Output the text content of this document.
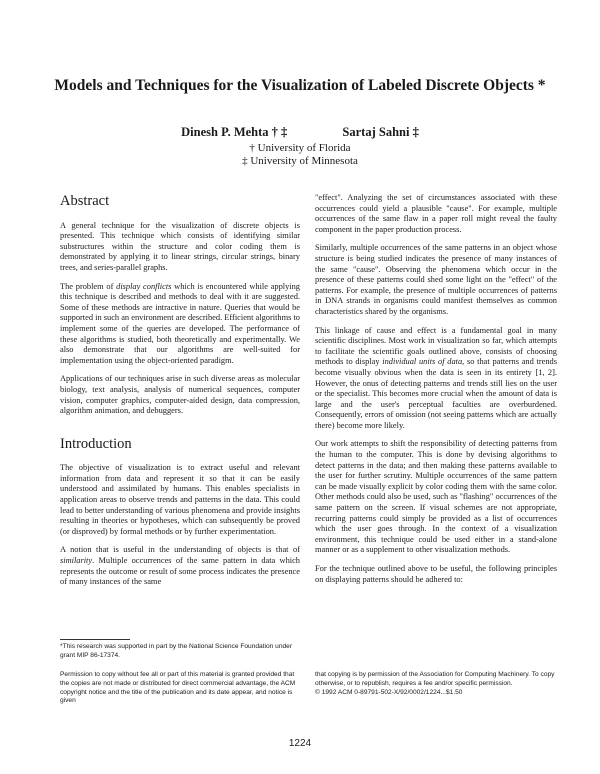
Models and Techniques for the Visualization of Labeled Discrete Objects *
Dinesh P. Mehta † ‡	Sartaj Sahni ‡
† University of Florida
‡ University of Minnesota
Abstract

A general technique for the visualization of discrete objects is presented. This technique which consists of identifying similar substructures within the structure and color coding them is demonstrated by applying it to linear strings, circular strings, binary trees, and series-parallel graphs.

The problem of display conflicts which is encountered while applying this technique is described and methods to deal with it are suggested. Some of these methods are intractive in nature. Queries that would be supported in such an environment are described. Efficient algorithms to implement some of the queries are developed. The performance of these algorithms is studied, both theoretically and experimentally. We also demonstrate that our algorithms are well-suited for implementation using the object-oriented paradigm.

Applications of our techniques arise in such diverse areas as molecular biology, text analysis, analysis of numerical sequences, computer vision, computer graphics, computer-aided design, data compression, algorithm animation, and debuggers.

Introduction

The objective of visualization is to extract useful and relevant information from data and represent it so that it can be easily understood and assimilated by humans. This enables specialists in application areas to observe trends and patterns in the data. This could lead to better understanding of various phenomena and provide insights resulting in theories or hypotheses, which can subsequently be proved (or disproved) by formal methods or by further experimentation.

A notion that is useful in the understanding of objects is that of similarity. Multiple occurrences of the same pattern in data which represents the outcome or result of some process indicates the presence of many instances of the same

"effect". Analyzing the set of circumstances associated with these occurrences could yield a plausible "cause". For example, multiple occurrences of the same flaw in a paper roll might reveal the faulty component in the paper production process.

Similarly, multiple occurrences of the same patterns in an object whose structure is being studied indicates the presence of many instances of the same "cause". Observing the phenomena which occur in the presence of these patterns could shed some light on the "effect" of the patterns. For example, the presence of multiple occurrences of patterns in DNA strands in organisms could manifest themselves as common characteristics shared by the organisms.

This linkage of cause and effect is a fundamental goal in many scientific disciplines. Most work in visualization so far, which attempts to facilitate the scientific goals outlined above, consists of choosing methods to display individual units of data, so that patterns and trends become visually obvious when the data is seen in its entirety [1, 2]. However, the onus of detecting patterns and trends still lies on the user or the specialist. This becomes more crucial when the amount of data is large and the user's perceptual faculties are overburdened. Consequently, errors of omission (not seeing patterns which are actually there) become more likely.

Our work attempts to shift the responsibility of detecting patterns from the human to the computer. This is done by devising algorithms to detect patterns in the data; and then making these patterns available to the user for further scrutiny. Multiple occurrences of the same pattern can be made visually explicit by color coding them with the same color. Other methods could also be used, such as "flashing" occurrences of the same pattern on the screen. If visual schemes are not appropriate, recurring patterns could simply be provided as a list of occurrences which the user goes through. In the context of a visualization environment, this technique could be used either in a stand-alone manner or as a supplement to other visualization methods.

For the technique outlined above to be useful, the following principles on displaying patterns should be adhered to:

*This research was supported in part by the National Science Foundation under grant MIP 86-17374.
Permission to copy without fee all or part of this material is granted provided that the copies are not made or distributed for direct commercial advantage, the ACM copyright notice and the title of the publication and its date appear, and notice is given
that copying is by permission of the Association for Computing Machinery. To copy otherwise, or to republish, requires a fee and/or specific permission.
© 1992 ACM 0-89791-502-X/92/0002/1224...$1.50
1224
